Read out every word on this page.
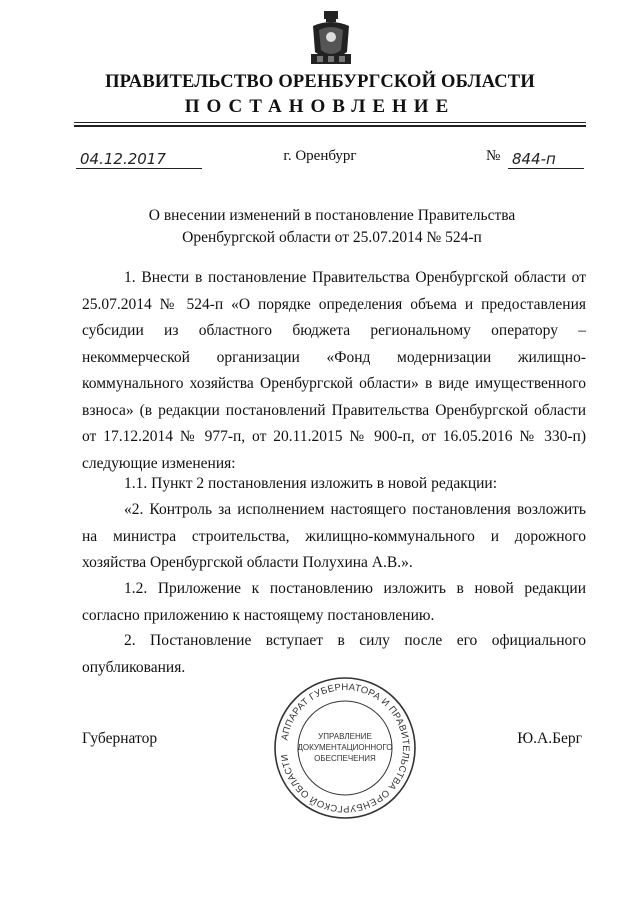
ПРАВИТЕЛЬСТВО ОРЕНБУРГСКОЙ ОБЛАСТИ
ПОСТАНОВЛЕНИЕ
04.12.2017	г. Оренбург	№ 844-п
О внесении изменений в постановление Правительства
Оренбургской области от 25.07.2014 № 524-п
1. Внести в постановление Правительства Оренбургской области от 25.07.2014 № 524-п «О порядке определения объема и предоставления субсидии из областного бюджета региональному оператору – некоммерческой организации «Фонд модернизации жилищно-коммунального хозяйства Оренбургской области» в виде имущественного взноса» (в редакции постановлений Правительства Оренбургской области от 17.12.2014 № 977-п, от 20.11.2015 № 900-п, от 16.05.2016 № 330-п) следующие изменения:
1.1. Пункт 2 постановления изложить в новой редакции:
«2. Контроль за исполнением настоящего постановления возложить на министра строительства, жилищно-коммунального и дорожного хозяйства Оренбургской области Полухина А.В.».
1.2. Приложение к постановлению изложить в новой редакции согласно приложению к настоящему постановлению.
2. Постановление вступает в силу после его официального опубликования.
Губернатор	Ю.А.Берг
АППАРАТ ГУБЕРНАТОРА И ПРАВИТЕЛЬСТВА ОРЕНБУРГСКОЙ ОБЛАСТИ
УПРАВЛЕНИЕ
ДОКУМЕНТАЦИОННОГО
ОБЕСПЕЧЕНИЯ
